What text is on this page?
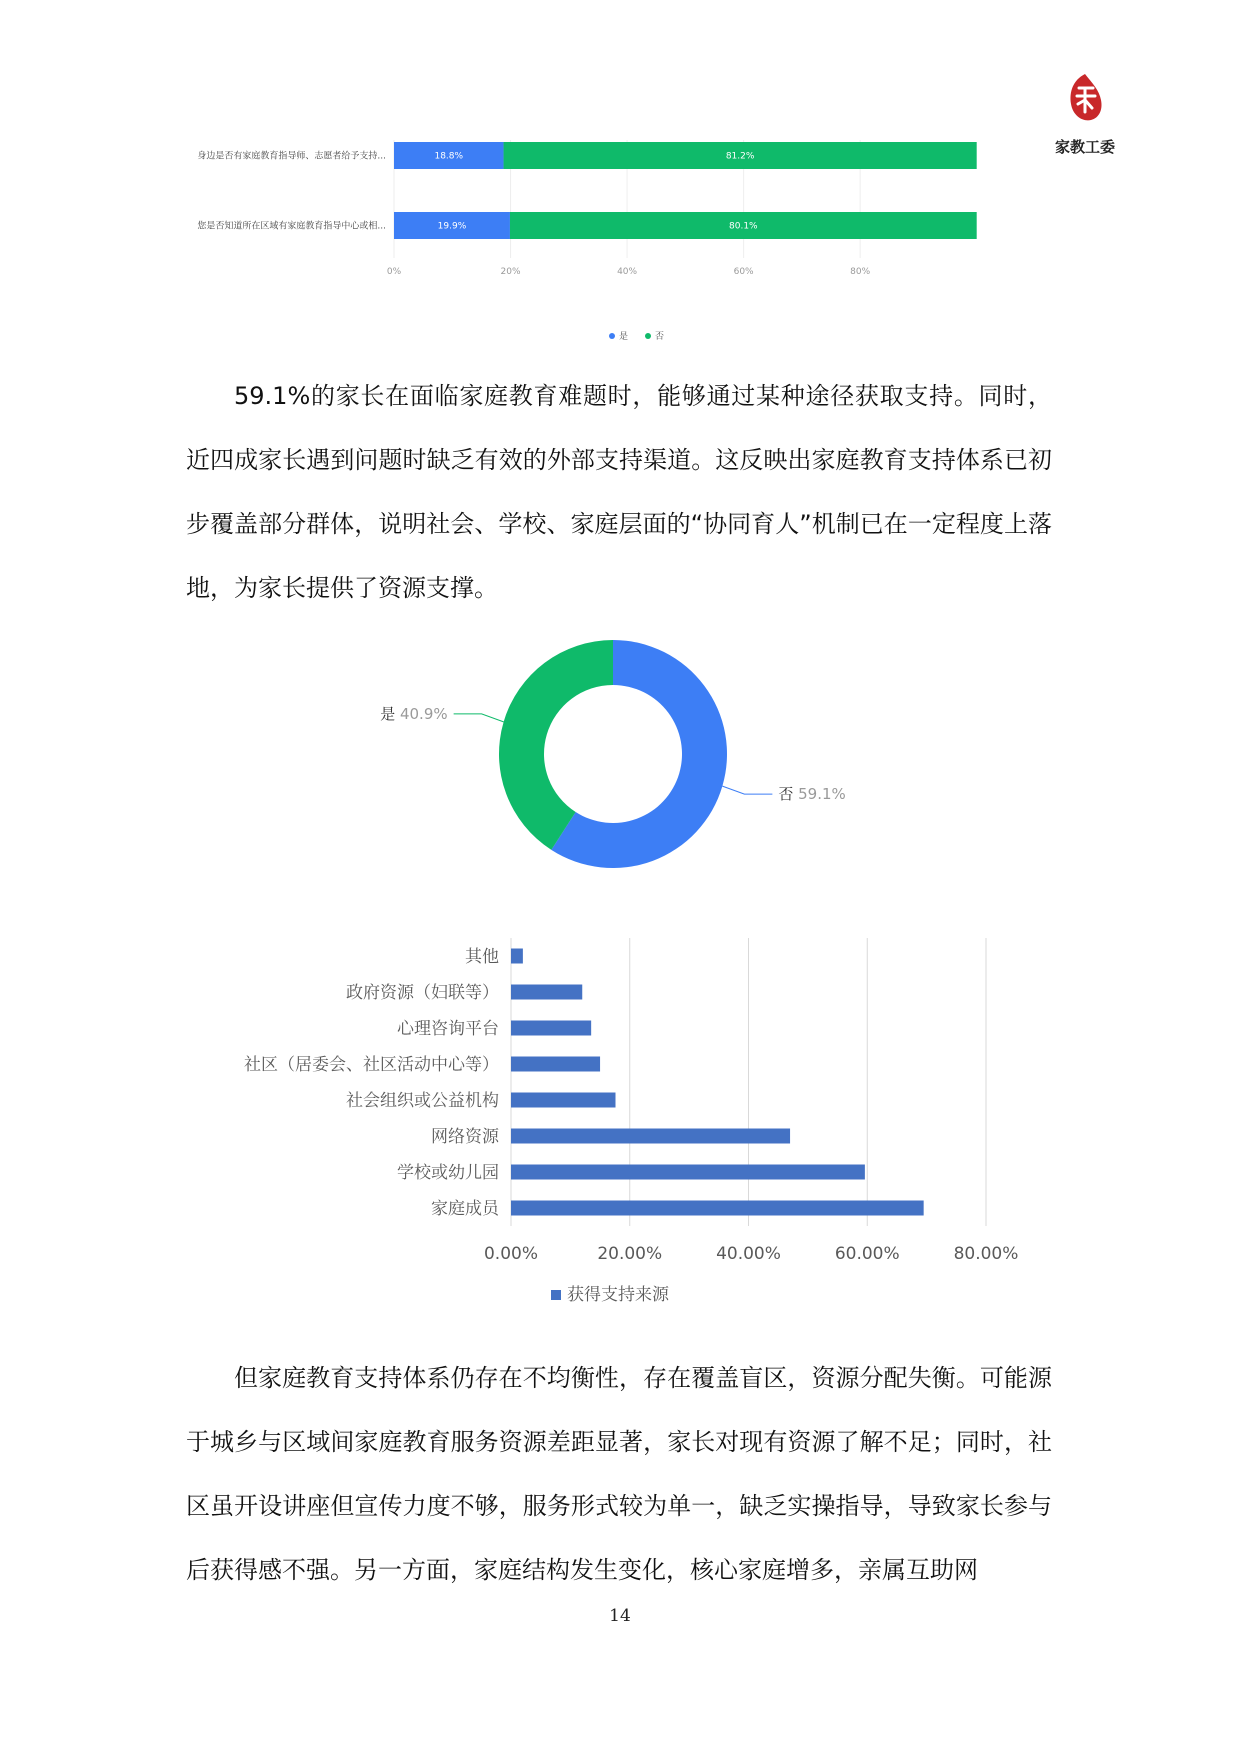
家教工委
18.8%	81.2%
19.9%	80.1%
身边是否有家庭教育指导师、志愿者给予支持...
您是否知道所在区域有家庭教育指导中心或相...
0%	20%	40%	60%	80%
是	否

59.1%的家长在面临家庭教育难题时，能够通过某种途径获取支持。同时，近四成家长遇到问题时缺乏有效的外部支持渠道。这反映出家庭教育支持体系已初步覆盖部分群体，说明社会、学校、家庭层面的“协同育人”机制已在一定程度上落地，为家长提供了资源支撑。

否 59.1%
是 40.9%
其他
政府资源（妇联等）
心理咨询平台
社区（居委会、社区活动中心等）
社会组织或公益机构
网络资源
学校或幼儿园
家庭成员
0.00%	20.00%	40.00%	60.00%	80.00%
获得支持来源

但家庭教育支持体系仍存在不均衡性，存在覆盖盲区，资源分配失衡。可能源于城乡与区域间家庭教育服务资源差距显著，家长对现有资源了解不足；同时，社区虽开设讲座但宣传力度不够，服务形式较为单一，缺乏实操指导，导致家长参与后获得感不强。另一方面，家庭结构发生变化，核心家庭增多，亲属互助网

14
